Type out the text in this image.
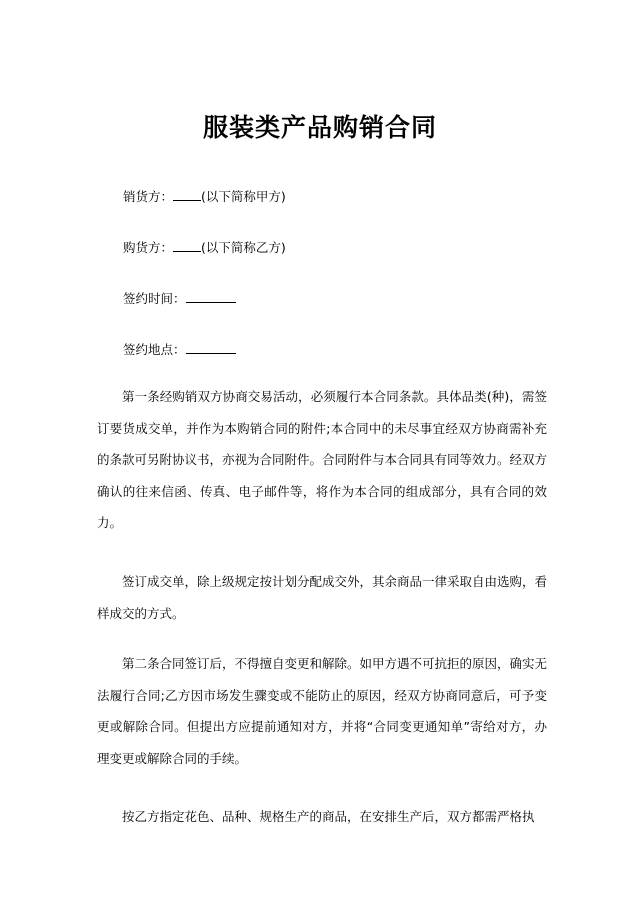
服装类产品购销合同
销货方： (以下简称甲方)
购货方： (以下简称乙方)
签约时间：
签约地点：

第一条经购销双方协商交易活动，必须履行本合同条款。具体品类(种)，需签订要货成交单，并作为本购销合同的附件;本合同中的未尽事宜经双方协商需补充的条款可另附协议书，亦视为合同附件。合同附件与本合同具有同等效力。经双方确认的往来信函、传真、电子邮件等，将作为本合同的组成部分，具有合同的效力。

签订成交单，除上级规定按计划分配成交外，其余商品一律采取自由选购，看样成交的方式。

第二条合同签订后，不得擅自变更和解除。如甲方遇不可抗拒的原因，确实无法履行合同;乙方因市场发生骤变或不能防止的原因，经双方协商同意后，可予变更或解除合同。但提出方应提前通知对方，并将“合同变更通知单”寄给对方，办理变更或解除合同的手续。

按乙方指定花色、品种、规格生产的商品，在安排生产后，双方都需严格执
